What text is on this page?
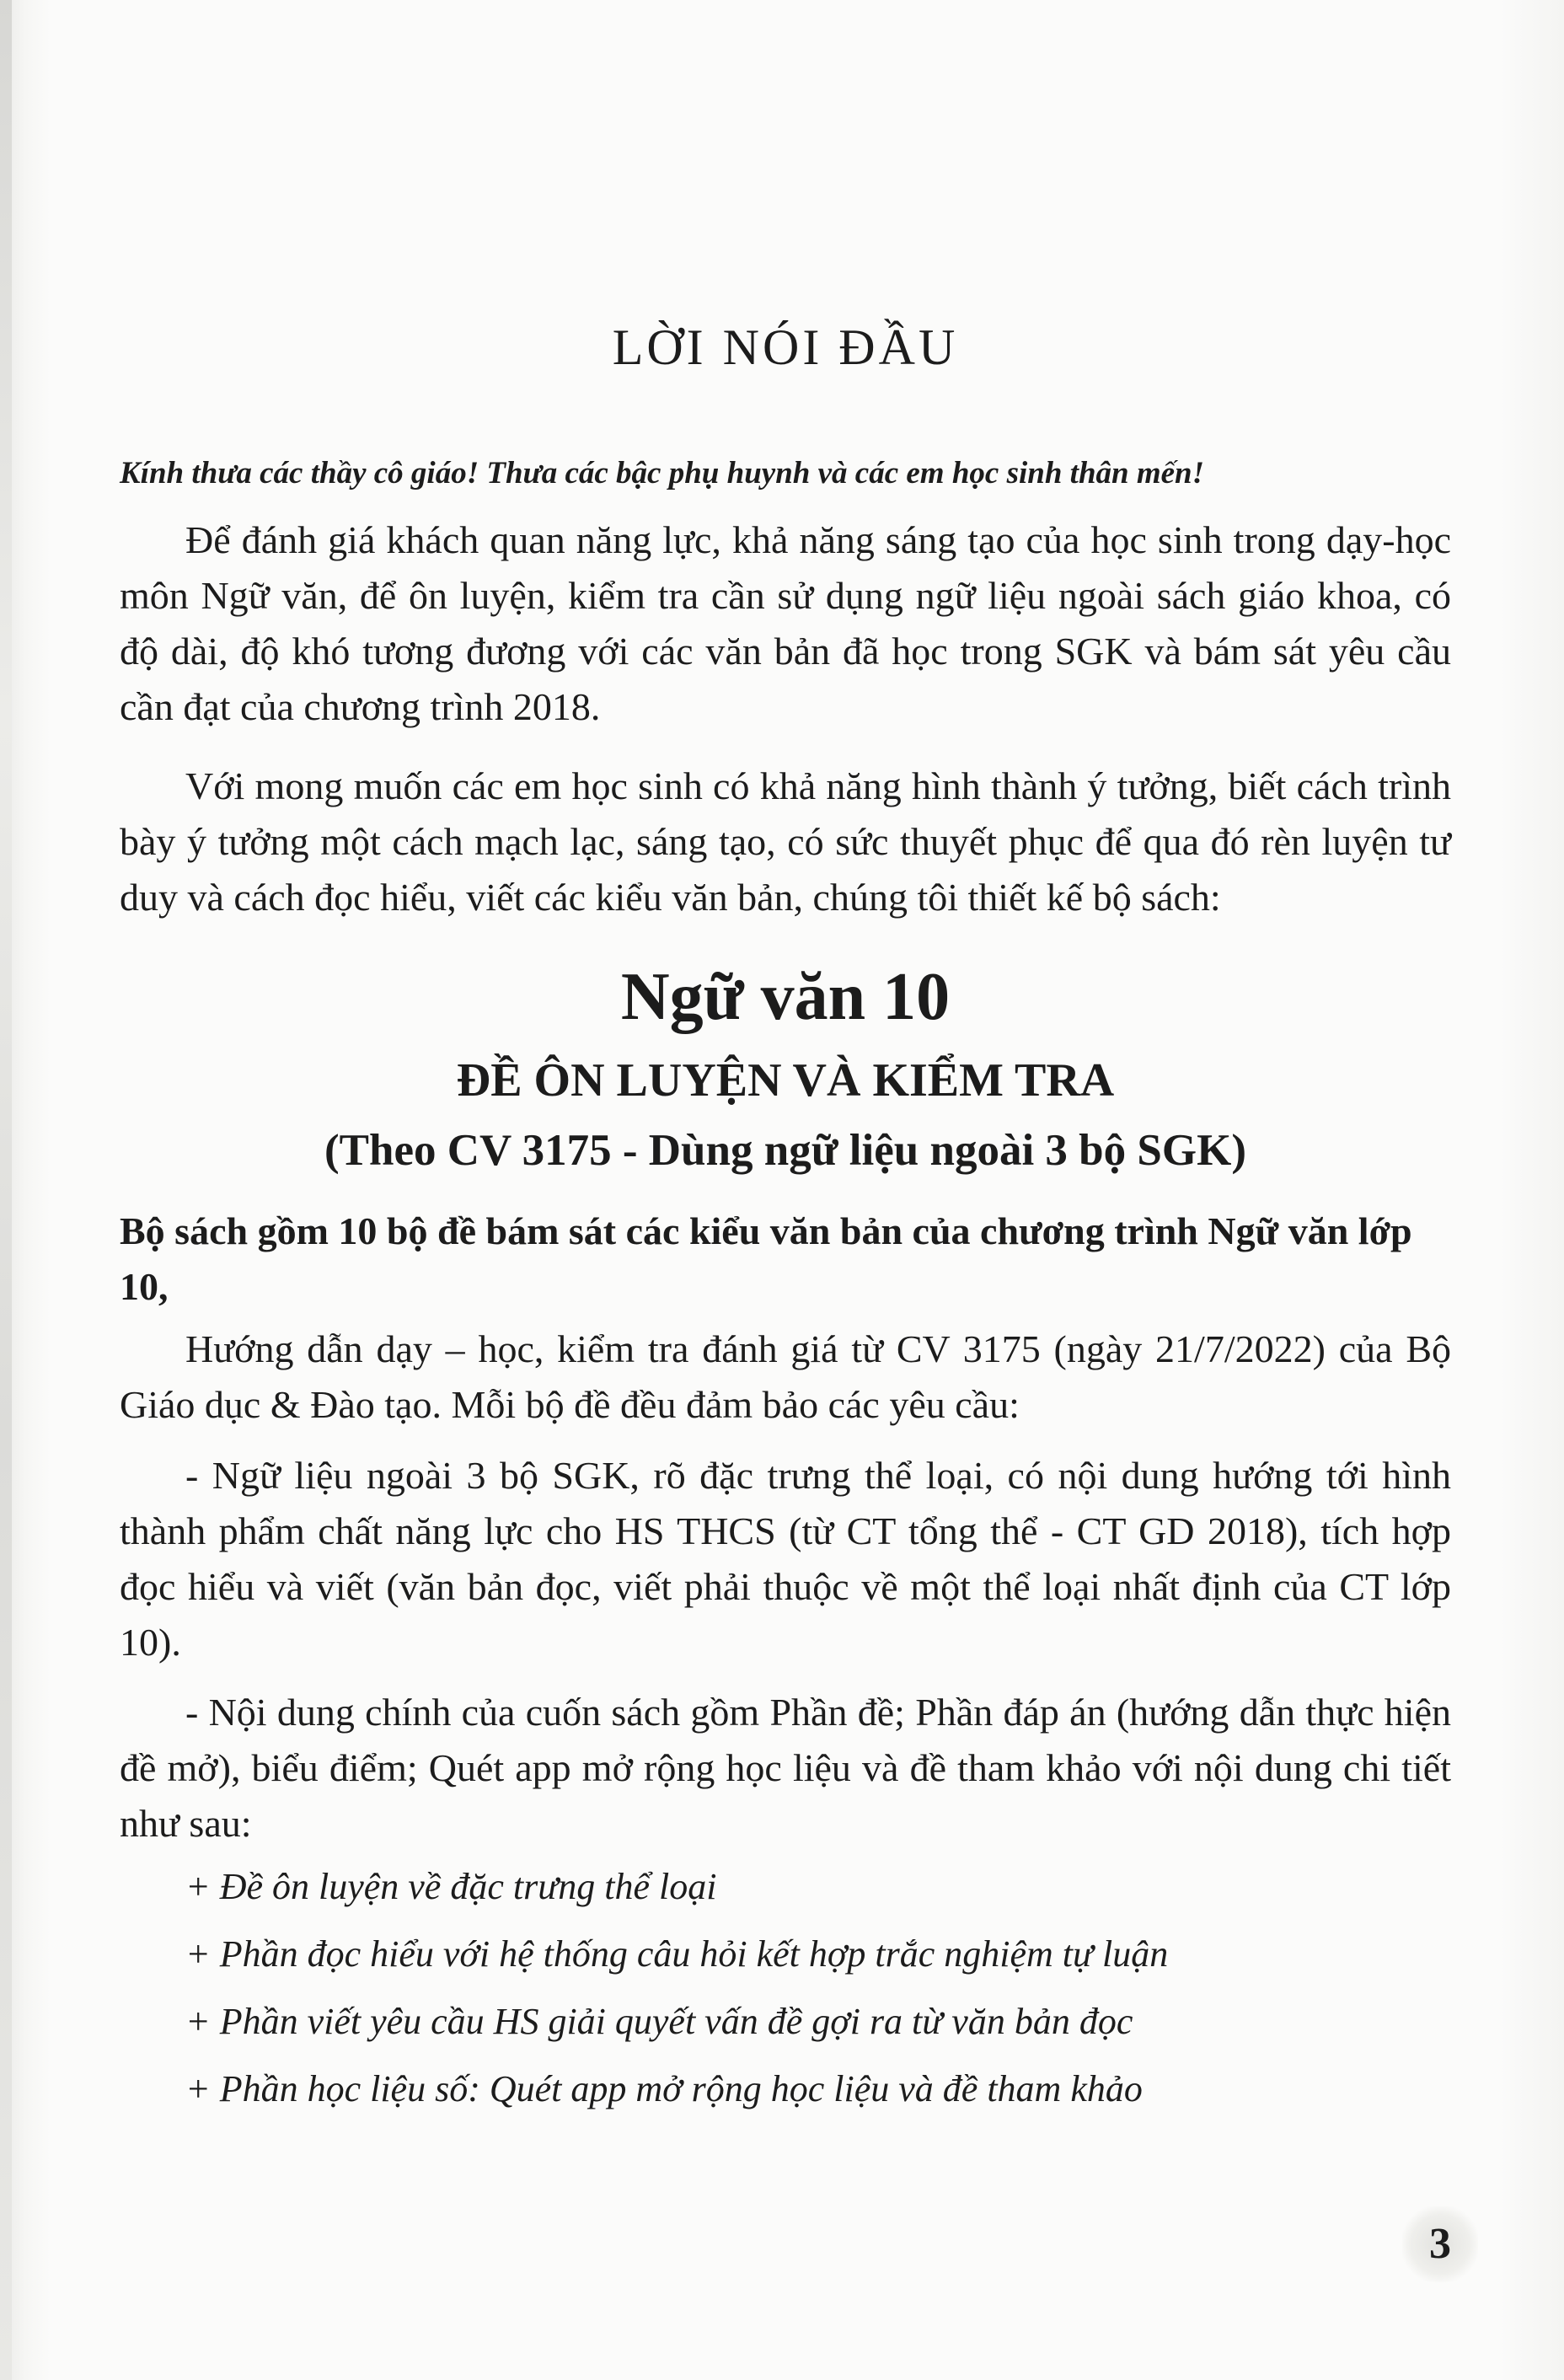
LỜI NÓI ĐẦU

Kính thưa các thầy cô giáo! Thưa các bậc phụ huynh và các em học sinh thân mến!

Để đánh giá khách quan năng lực, khả năng sáng tạo của học sinh trong dạy-học môn Ngữ văn, để ôn luyện, kiểm tra cần sử dụng ngữ liệu ngoài sách giáo khoa, có độ dài, độ khó tương đương với các văn bản đã học trong SGK và bám sát yêu cầu cần đạt của chương trình 2018.

Với mong muốn các em học sinh có khả năng hình thành ý tưởng, biết cách trình bày ý tưởng một cách mạch lạc, sáng tạo, có sức thuyết phục để qua đó rèn luyện tư duy và cách đọc hiểu, viết các kiểu văn bản, chúng tôi thiết kế bộ sách:

Ngữ văn 10
ĐỀ ÔN LUYỆN VÀ KIỂM TRA

(Theo CV 3175 - Dùng ngữ liệu ngoài 3 bộ SGK)

Bộ sách gồm 10 bộ đề bám sát các kiểu văn bản của chương trình Ngữ văn lớp 10,

Hướng dẫn dạy – học, kiểm tra đánh giá từ CV 3175 (ngày 21/7/2022) của Bộ Giáo dục & Đào tạo. Mỗi bộ đề đều đảm bảo các yêu cầu:

- Ngữ liệu ngoài 3 bộ SGK, rõ đặc trưng thể loại, có nội dung hướng tới hình thành phẩm chất năng lực cho HS THCS (từ CT tổng thể - CT GD 2018), tích hợp đọc hiểu và viết (văn bản đọc, viết phải thuộc về một thể loại nhất định của CT lớp 10).

- Nội dung chính của cuốn sách gồm Phần đề; Phần đáp án (hướng dẫn thực hiện đề mở), biểu điểm; Quét app mở rộng học liệu và đề tham khảo với nội dung chi tiết như sau:

+ Đề ôn luyện về đặc trưng thể loại

+ Phần đọc hiểu với hệ thống câu hỏi kết hợp trắc nghiệm tự luận

+ Phần viết yêu cầu HS giải quyết vấn đề gợi ra từ văn bản đọc

+ Phần học liệu số: Quét app mở rộng học liệu và đề tham khảo

3
